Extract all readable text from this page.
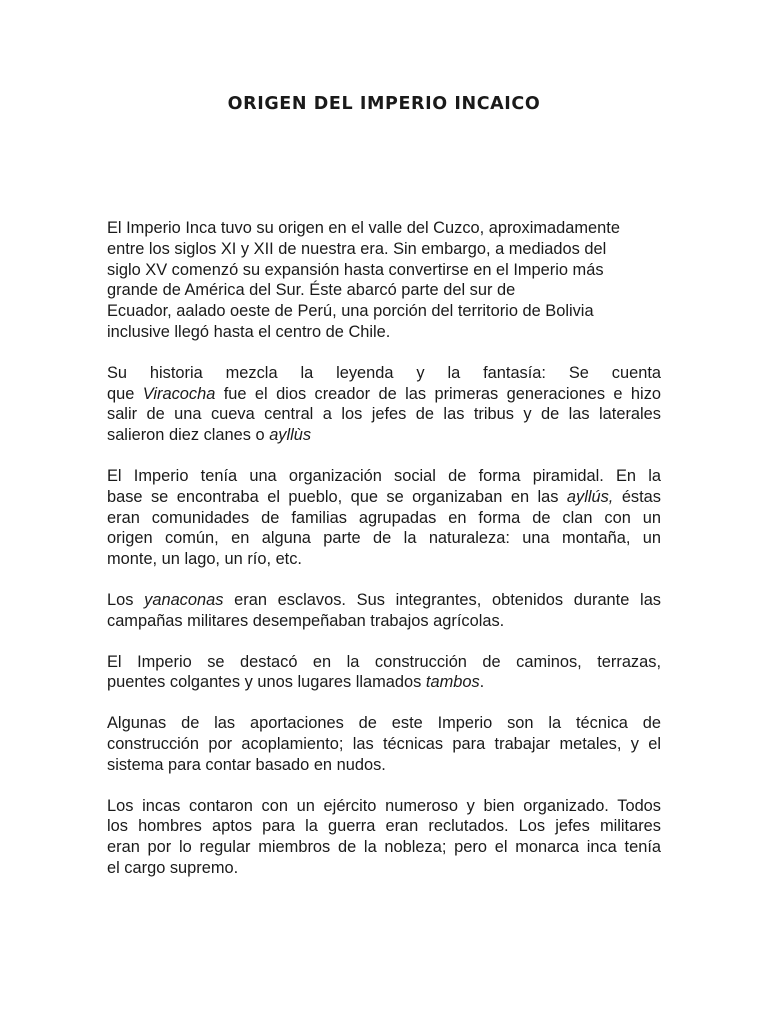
ORIGEN DEL IMPERIO INCAICO

El Imperio Inca tuvo su origen en el valle del Cuzco, aproximadamente
entre los siglos XI y XII de nuestra era. Sin embargo, a mediados del
siglo XV comenzó su expansión hasta convertirse en el Imperio más
grande de América del Sur. Éste abarcó parte del sur de
Ecuador, aalado oeste de Perú, una porción del territorio de Bolivia
inclusive llegó hasta el centro de Chile.

Su historia mezcla la leyenda y la fantasía: Se cuenta
que Viracocha fue el dios creador de las primeras generaciones e hizo
salir de una cueva central a los jefes de las tribus y de las laterales
salieron diez clanes o ayllùs

El Imperio tenía una organización social de forma piramidal. En la
base se encontraba el pueblo, que se organizaban en las ayllús, éstas
eran comunidades de familias agrupadas en forma de clan con un
origen común, en alguna parte de la naturaleza: una montaña, un
monte, un lago, un río, etc.

Los yanaconas eran esclavos. Sus integrantes, obtenidos durante las
campañas militares desempeñaban trabajos agrícolas.

El Imperio se destacó en la construcción de caminos, terrazas,
puentes colgantes y unos lugares llamados tambos.

Algunas de las aportaciones de este Imperio son la técnica de
construcción por acoplamiento; las técnicas para trabajar metales, y el
sistema para contar basado en nudos.

Los incas contaron con un ejército numeroso y bien organizado. Todos
los hombres aptos para la guerra eran reclutados. Los jefes militares
eran por lo regular miembros de la nobleza; pero el monarca inca tenía
el cargo supremo.
